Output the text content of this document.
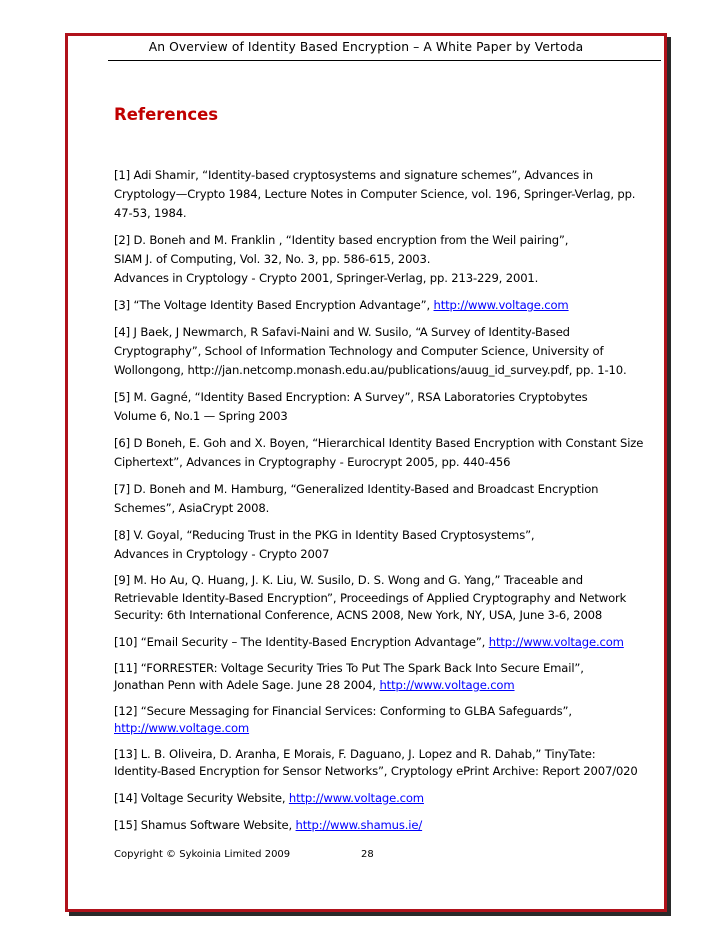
An Overview of Identity Based Encryption – A White Paper by Vertoda
References
[1] Adi Shamir, “Identity-based cryptosystems and signature schemes”, Advances in
Cryptology—Crypto 1984, Lecture Notes in Computer Science, vol. 196, Springer-Verlag, pp.
47-53, 1984.
[2] D. Boneh and M. Franklin , “Identity based encryption from the Weil pairing”,
SIAM J. of Computing, Vol. 32, No. 3, pp. 586-615, 2003.
Advances in Cryptology - Crypto 2001, Springer-Verlag, pp. 213-229, 2001.
[3] “The Voltage Identity Based Encryption Advantage”, http://www.voltage.com
[4] J Baek, J Newmarch, R Safavi-Naini and W. Susilo, “A Survey of Identity-Based
Cryptography”, School of Information Technology and Computer Science, University of
Wollongong, http://jan.netcomp.monash.edu.au/publications/auug_id_survey.pdf, pp. 1-10.
[5] M. Gagné, “Identity Based Encryption: A Survey”, RSA Laboratories Cryptobytes
Volume 6, No.1 — Spring 2003
[6] D Boneh, E. Goh and X. Boyen, “Hierarchical Identity Based Encryption with Constant Size
Ciphertext”, Advances in Cryptography - Eurocrypt 2005, pp. 440-456
[7] D. Boneh and M. Hamburg, “Generalized Identity-Based and Broadcast Encryption
Schemes”, AsiaCrypt 2008.
[8] V. Goyal, “Reducing Trust in the PKG in Identity Based Cryptosystems”,
Advances in Cryptology - Crypto 2007
[9] M. Ho Au, Q. Huang, J. K. Liu, W. Susilo, D. S. Wong and G. Yang,” Traceable and
Retrievable Identity-Based Encryption”, Proceedings of Applied Cryptography and Network
Security: 6th International Conference, ACNS 2008, New York, NY, USA, June 3-6, 2008
[10] “Email Security – The Identity-Based Encryption Advantage”, http://www.voltage.com
[11] “FORRESTER: Voltage Security Tries To Put The Spark Back Into Secure Email”,
Jonathan Penn with Adele Sage. June 28 2004, http://www.voltage.com
[12] “Secure Messaging for Financial Services: Conforming to GLBA Safeguards”,
http://www.voltage.com
[13] L. B. Oliveira, D. Aranha, E Morais, F. Daguano, J. Lopez and R. Dahab,” TinyTate:
Identity-Based Encryption for Sensor Networks”, Cryptology ePrint Archive: Report 2007/020
[14] Voltage Security Website, http://www.voltage.com
[15] Shamus Software Website, http://www.shamus.ie/
Copyright © Sykoinia Limited 2009	28
